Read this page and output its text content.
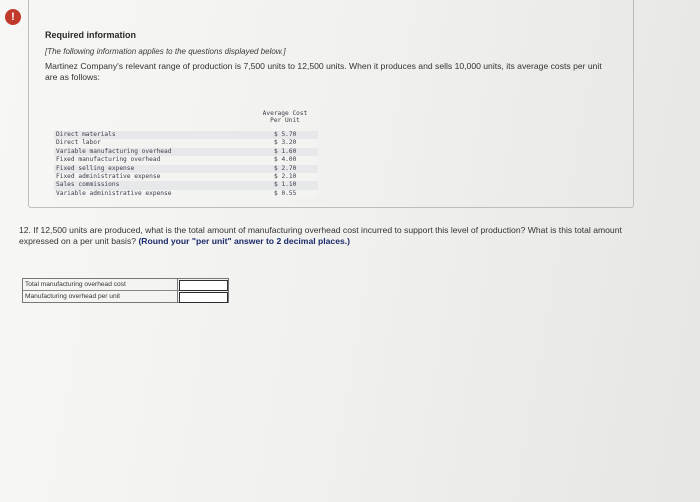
!
Required information
[The following information applies to the questions displayed below.]
Martinez Company's relevant range of production is 7,500 units to 12,500 units. When it produces and sells 10,000 units, its average costs per unit are as follows:
Average Cost
Per Unit
Direct materials	$ 5.70
Direct labor	$ 3.20
Variable manufacturing overhead	$ 1.60
Fixed manufacturing overhead	$ 4.00
Fixed selling expense	$ 2.70
Fixed administrative expense	$ 2.10
Sales commissions	$ 1.10
Variable administrative expense	$ 0.55
12. If 12,500 units are produced, what is the total amount of manufacturing overhead cost incurred to support this level of production? What is this total amount expressed on a per unit basis? (Round your "per unit" answer to 2 decimal places.)
Total manufacturing overhead cost
Manufacturing overhead per unit
